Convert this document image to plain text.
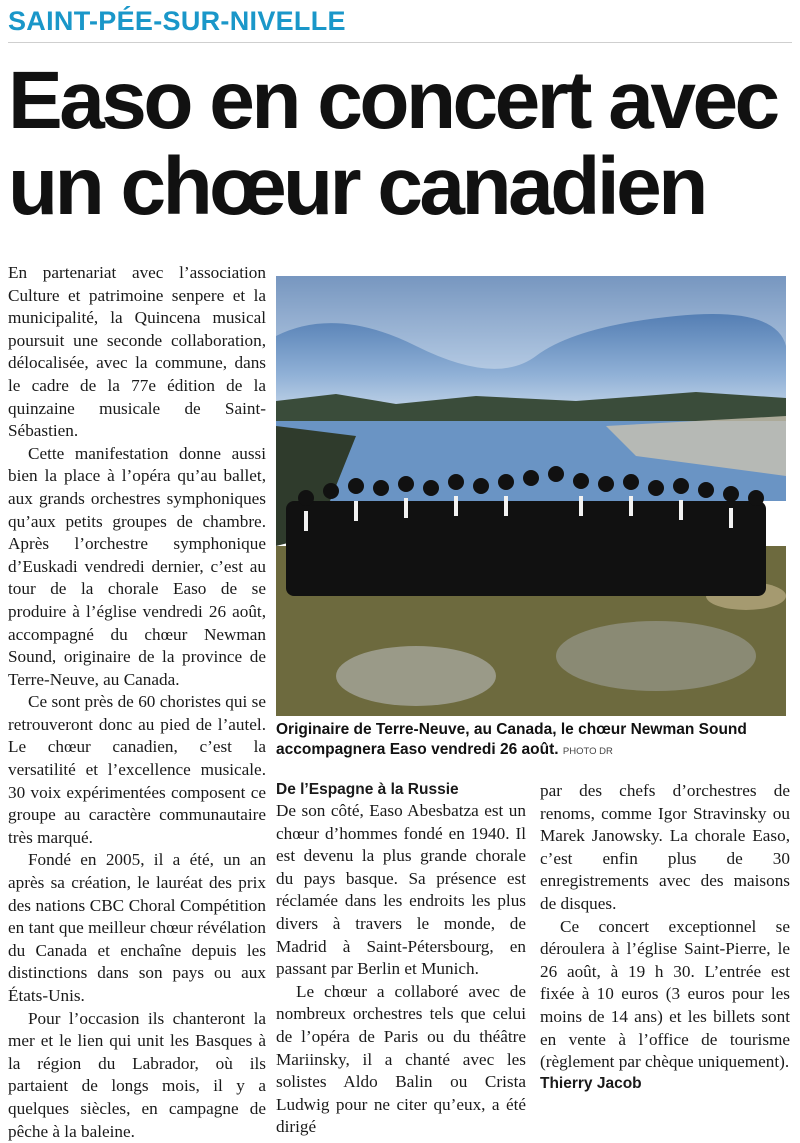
SAINT-PÉE-SUR-NIVELLE
Easo en concert avec un chœur canadien

En partenariat avec l’association Culture et patrimoine senpere et la municipalité, la Quincena musical poursuit une seconde collaboration, délocalisée, avec la commune, dans le cadre de la 77e édition de la quinzaine musicale de Saint-Sébastien.

Cette manifestation donne aussi bien la place à l’opéra qu’au ballet, aux grands orchestres symphoniques qu’aux petits groupes de chambre. Après l’orchestre symphonique d’Euskadi vendredi dernier, c’est au tour de la chorale Easo de se produire à l’église vendredi 26 août, accompagné du chœur Newman Sound, originaire de la province de Terre-Neuve, au Canada.

Ce sont près de 60 choristes qui se retrouveront donc au pied de l’autel. Le chœur canadien, c’est la versatilité et l’excellence musicale. 30 voix expérimentées composent ce groupe au caractère communautaire très marqué.

Fondé en 2005, il a été, un an après sa création, le lauréat des prix des nations CBC Choral Compétition en tant que meilleur chœur révélation du Canada et enchaîne depuis les distinctions dans son pays ou aux États-Unis.

Pour l’occasion ils chanteront la mer et le lien qui unit les Basques à la région du Labrador, où ils partaient de longs mois, il y a quelques siècles, en campagne de pêche à la baleine.

Originaire de Terre-Neuve, au Canada, le chœur Newman Sound accompagnera Easo vendredi 26 août. PHOTO DR
De l’Espagne à la Russie

De son côté, Easo Abesbatza est un chœur d’hommes fondé en 1940. Il est devenu la plus grande chorale du pays basque. Sa présence est réclamée dans les endroits les plus divers à travers le monde, de Madrid à Saint-Pétersbourg, en passant par Berlin et Munich.

Le chœur a collaboré avec de nombreux orchestres tels que celui de l’opéra de Paris ou du théâtre Mariinsky, il a chanté avec les solistes Aldo Balin ou Crista Ludwig pour ne citer qu’eux, a été dirigé

par des chefs d’orchestres de renoms, comme Igor Stravinsky ou Marek Janowsky. La chorale Easo, c’est enfin plus de 30 enregistrements avec des maisons de disques.

Ce concert exceptionnel se déroulera à l’église Saint-Pierre, le 26 août, à 19 h 30. L’entrée est fixée à 10 euros (3 euros pour les moins de 14 ans) et les billets sont en vente à l’office de tourisme (règlement par chèque uniquement).

Thierry Jacob
